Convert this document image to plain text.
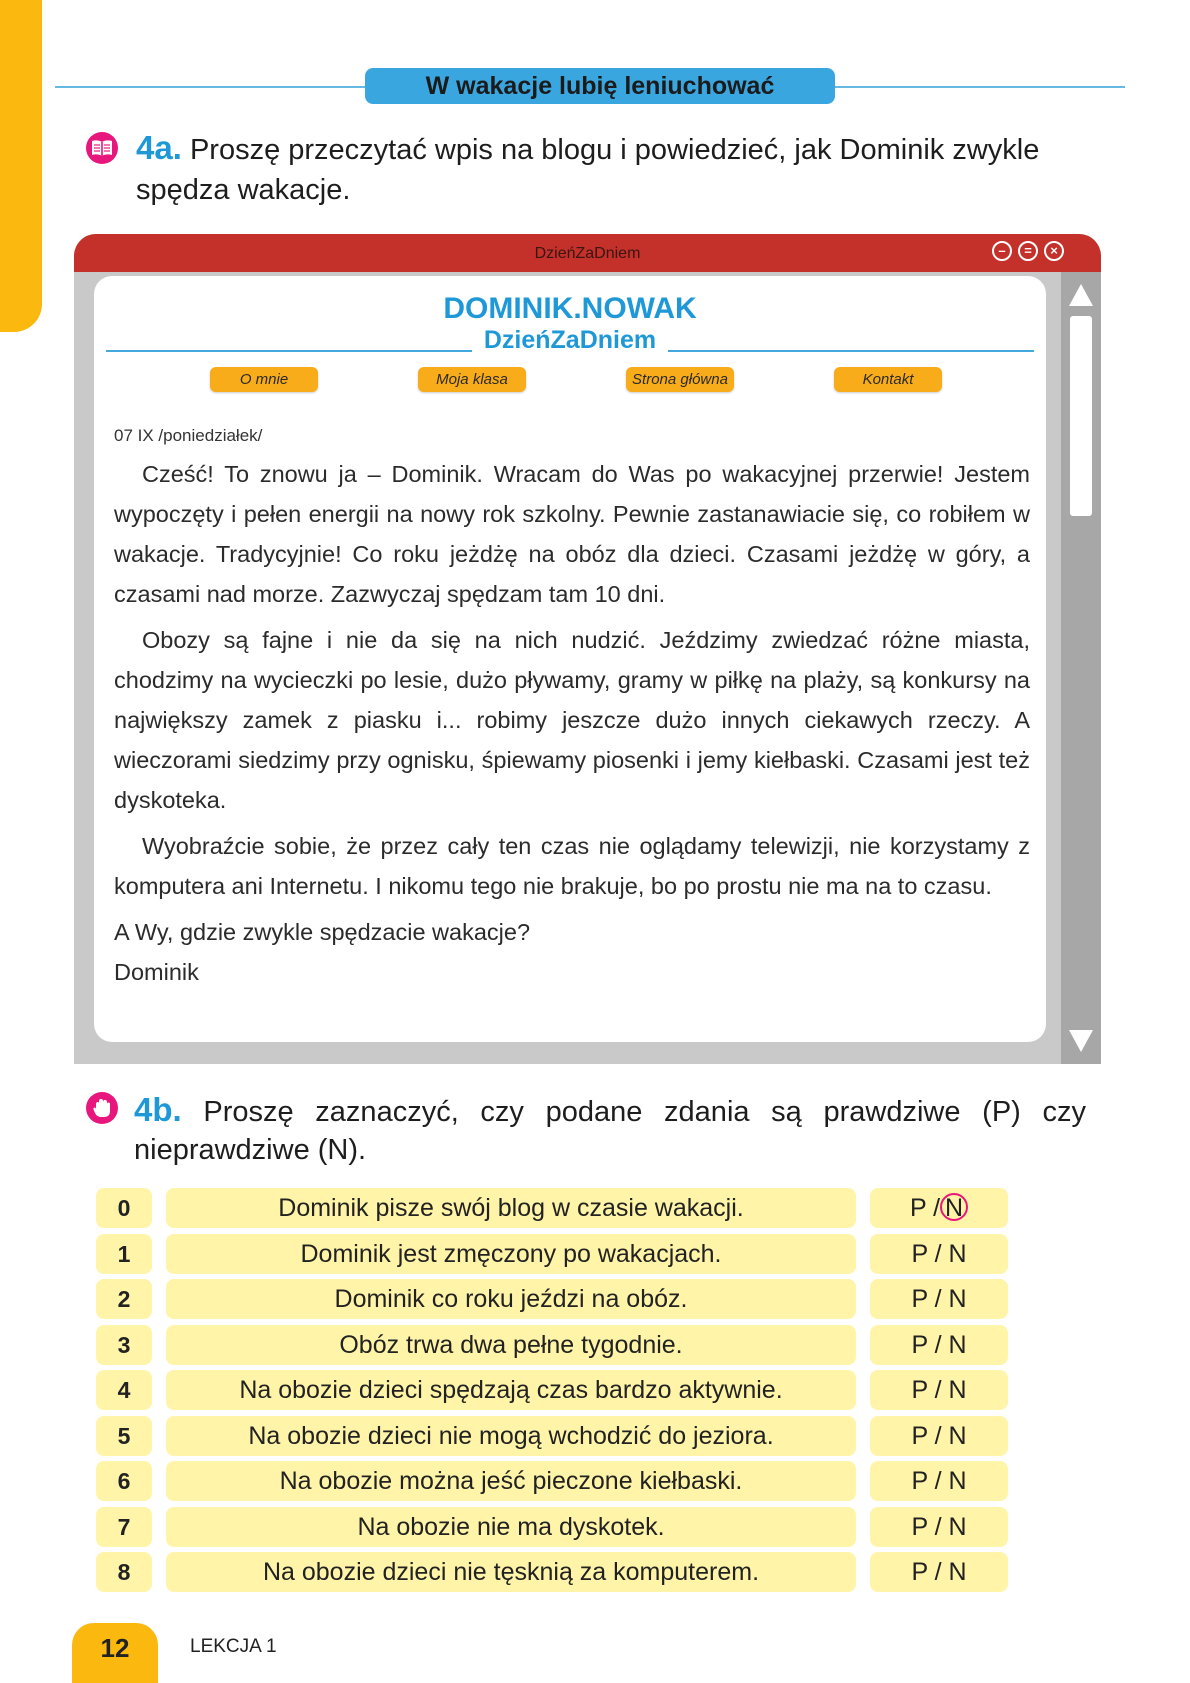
W wakacje lubię leniuchować
4a. Proszę przeczytać wpis na blogu i powiedzieć, jak Dominik zwykle
spędza wakacje.
DzieńZaDniem	–	=	×
DOMINIK.NOWAK
DzieńZaDniem
O mnie	Moja klasa	Strona główna	Kontakt
07 IX /poniedziałek/

Cześć! To znowu ja – Dominik. Wracam do Was po wakacyjnej przerwie! Jestem wypoczęty i pełen energii na nowy rok szkolny. Pewnie zastanawiacie się, co robiłem w wakacje. Tradycyjnie! Co roku jeżdżę na obóz dla dzieci. Czasami jeżdżę w góry, a czasami nad morze. Zazwyczaj spędzam tam 10 dni.

Obozy są fajne i nie da się na nich nudzić. Jeździmy zwiedzać różne miasta, chodzimy na wycieczki po lesie, dużo pływamy, gramy w piłkę na plaży, są konkursy na największy zamek z piasku i... robimy jeszcze dużo innych ciekawych rzeczy. A wieczorami siedzimy przy ognisku, śpiewamy piosenki i jemy kiełbaski. Czasami jest też dyskoteka.

Wyobraźcie sobie, że przez cały ten czas nie oglądamy telewizji, nie korzystamy z komputera ani Internetu. I nikomu tego nie brakuje, bo po prostu nie ma na to czasu.

A Wy, gdzie zwykle spędzacie wakacje?

Dominik

4b. Proszę zaznaczyć, czy podane zdania są prawdziwe (P) czy
nieprawdziwe (N).
0	Dominik pisze swój blog w czasie wakacji.	P / N
1	Dominik jest zmęczony po wakacjach.	P / N
2	Dominik co roku jeździ na obóz.	P / N
3	Obóz trwa dwa pełne tygodnie.	P / N
4	Na obozie dzieci spędzają czas bardzo aktywnie.	P / N
5	Na obozie dzieci nie mogą wchodzić do jeziora.	P / N
6	Na obozie można jeść pieczone kiełbaski.	P / N
7	Na obozie nie ma dyskotek.	P / N
8	Na obozie dzieci nie tęsknią za komputerem.	P / N
12	LEKCJA 1
